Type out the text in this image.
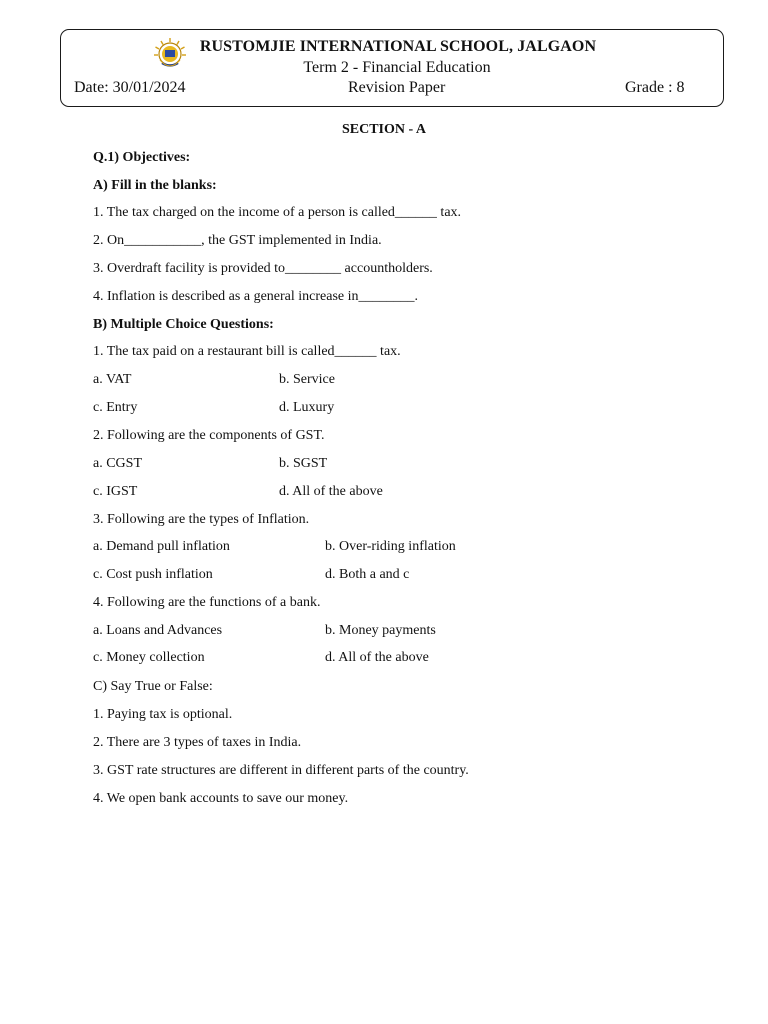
RUSTOMJIE INTERNATIONAL SCHOOL, JALGAON
Term 2 - Financial Education
Date: 30/01/2024	Revision Paper	Grade : 8
SECTION - A
Q.1) Objectives:
A) Fill in the blanks:
1. The tax charged on the income of a person is called______ tax.
2. On___________, the GST implemented in India.
3. Overdraft facility is provided to________ accountholders.
4. Inflation is described as a general increase in________.
B) Multiple Choice Questions:
1. The tax paid on a restaurant bill is called______ tax.
a. VAT	b. Service
c. Entry	d. Luxury
2. Following are the components of GST.
a. CGST	b. SGST
c. IGST	d. All of the above
3. Following are the types of Inflation.
a. Demand pull inflation	b. Over-riding inflation
c. Cost push inflation	d. Both a and c
4. Following are the functions of a bank.
a. Loans and Advances	b. Money payments
c. Money collection	d. All of the above
C) Say True or False:
1. Paying tax is optional.
2. There are 3 types of taxes in India.
3. GST rate structures are different in different parts of the country.
4. We open bank accounts to save our money.
